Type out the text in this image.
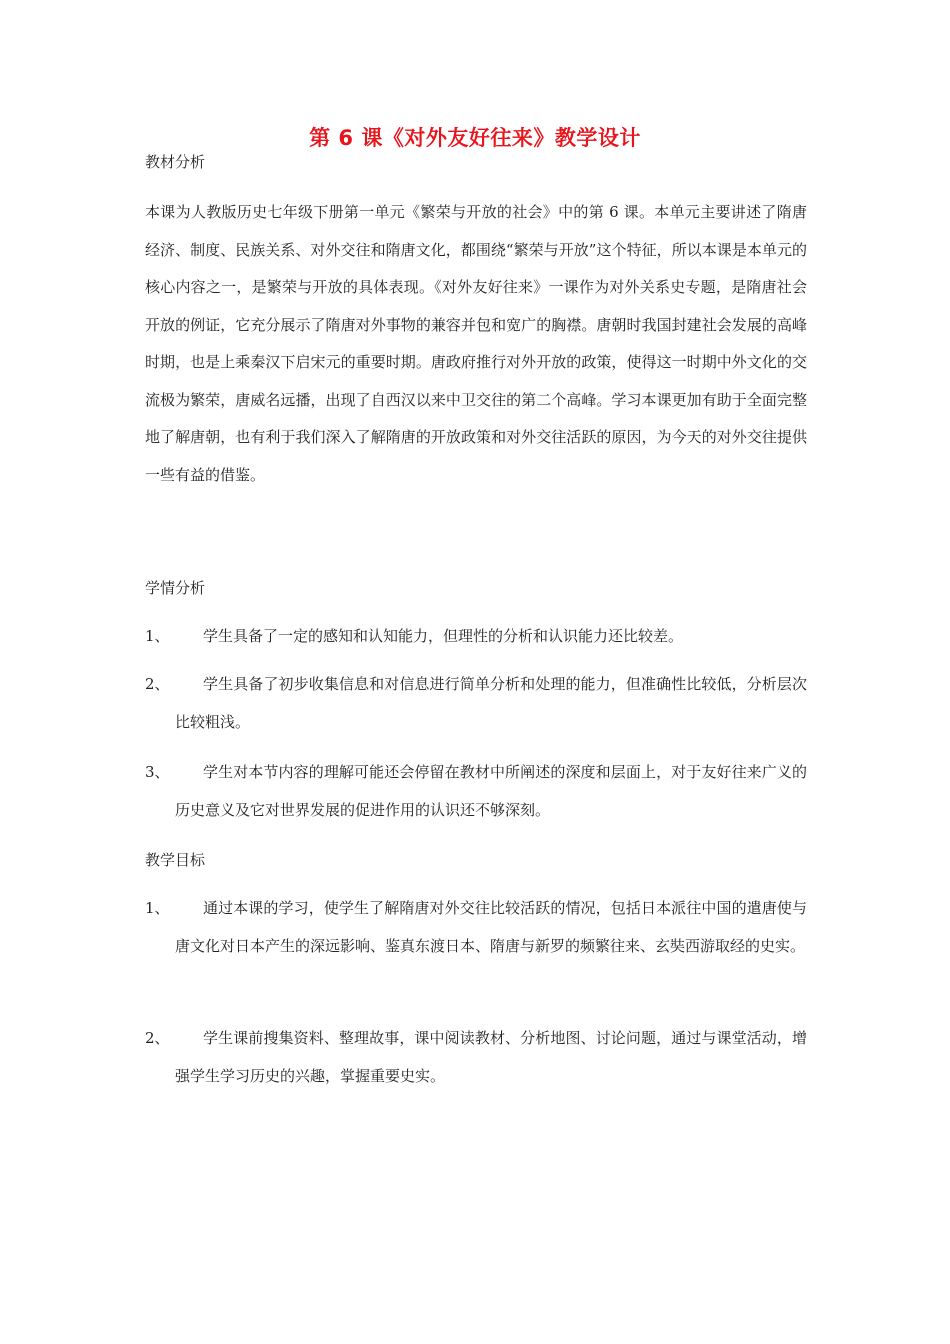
第 6 课《对外友好往来》教学设计
教材分析

本课为人教版历史七年级下册第一单元《繁荣与开放的社会》中的第 6 课。本单元主要讲述了隋唐经济、制度、民族关系、对外交往和隋唐文化，都围绕“繁荣与开放”这个特征，所以本课是本单元的核心内容之一，是繁荣与开放的具体表现。《对外友好往来》一课作为对外关系史专题，是隋唐社会开放的例证，它充分展示了隋唐对外事物的兼容并包和宽广的胸襟。唐朝时我国封建社会发展的高峰时期，也是上乘秦汉下启宋元的重要时期。唐政府推行对外开放的政策，使得这一时期中外文化的交流极为繁荣，唐威名远播，出现了自西汉以来中卫交往的第二个高峰。学习本课更加有助于全面完整地了解唐朝，也有利于我们深入了解隋唐的开放政策和对外交往活跃的原因，为今天的对外交往提供一些有益的借鉴。

学情分析
1、	学生具备了一定的感知和认知能力，但理性的分析和认识能力还比较差。
2、	学生具备了初步收集信息和对信息进行简单分析和处理的能力，但准确性比较低，分析层次比较粗浅。
3、	学生对本节内容的理解可能还会停留在教材中所阐述的深度和层面上，对于友好往来广义的历史意义及它对世界发展的促进作用的认识还不够深刻。
教学目标
1、	通过本课的学习，使学生了解隋唐对外交往比较活跃的情况，包括日本派往中国的遣唐使与唐文化对日本产生的深远影响、鉴真东渡日本、隋唐与新罗的频繁往来、玄奘西游取经的史实。
2、	学生课前搜集资料、整理故事，课中阅读教材、分析地图、讨论问题，通过与课堂活动，增强学生学习历史的兴趣，掌握重要史实。
